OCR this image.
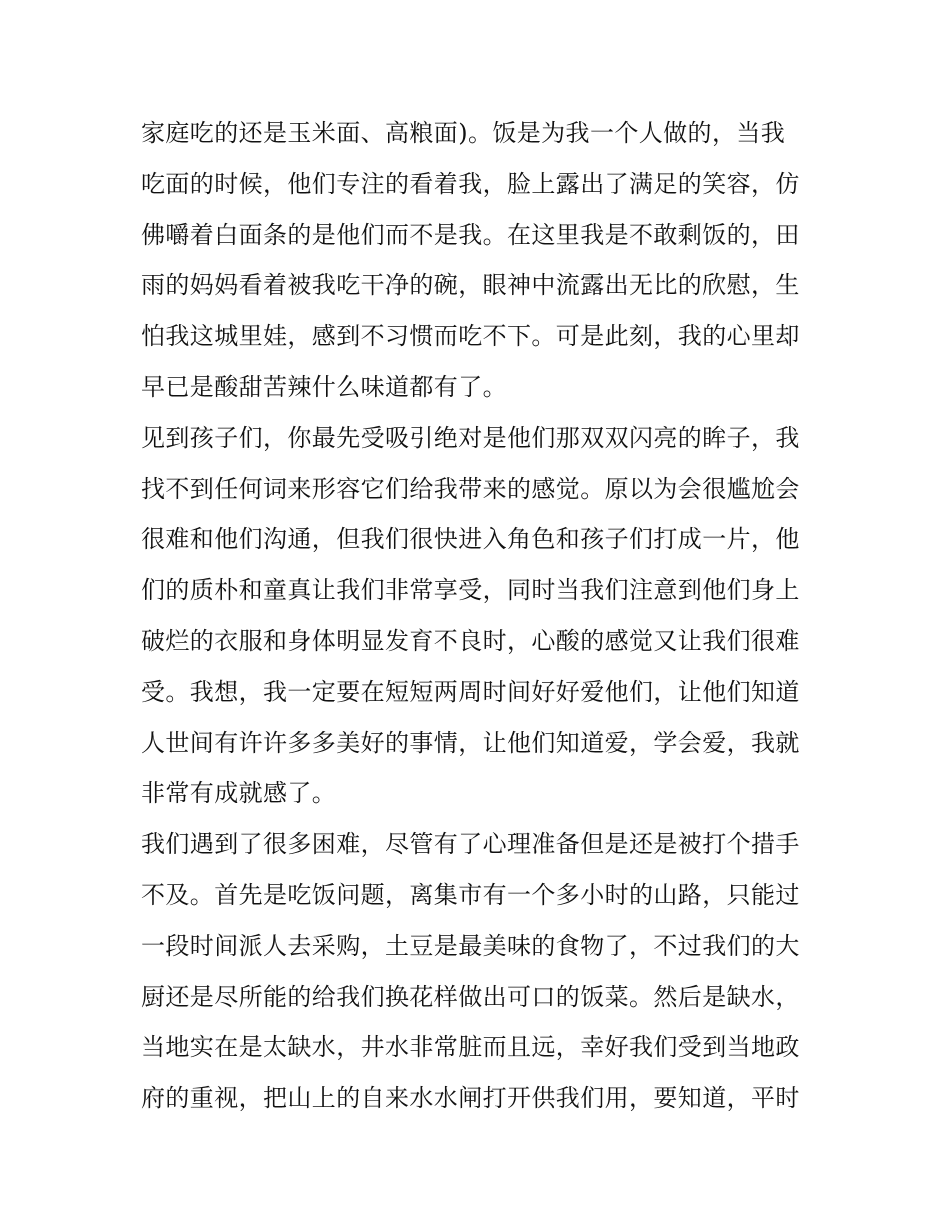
家庭吃的还是玉米面、高粮面)。饭是为我一个人做的，当我
吃面的时候，他们专注的看着我，脸上露出了满足的笑容，仿
佛嚼着白面条的是他们而不是我。在这里我是不敢剩饭的，田
雨的妈妈看着被我吃干净的碗，眼神中流露出无比的欣慰，生
怕我这城里娃，感到不习惯而吃不下。可是此刻，我的心里却
早已是酸甜苦辣什么味道都有了。
见到孩子们，你最先受吸引绝对是他们那双双闪亮的眸子，我
找不到任何词来形容它们给我带来的感觉。原以为会很尴尬会
很难和他们沟通，但我们很快进入角色和孩子们打成一片，他
们的质朴和童真让我们非常享受，同时当我们注意到他们身上
破烂的衣服和身体明显发育不良时，心酸的感觉又让我们很难
受。我想，我一定要在短短两周时间好好爱他们，让他们知道
人世间有许许多多美好的事情，让他们知道爱，学会爱，我就
非常有成就感了。
我们遇到了很多困难，尽管有了心理准备但是还是被打个措手
不及。首先是吃饭问题，离集市有一个多小时的山路，只能过
一段时间派人去采购，土豆是最美味的食物了，不过我们的大
厨还是尽所能的给我们换花样做出可口的饭菜。然后是缺水，
当地实在是太缺水，井水非常脏而且远，幸好我们受到当地政
府的重视，把山上的自来水水闸打开供我们用，要知道，平时
